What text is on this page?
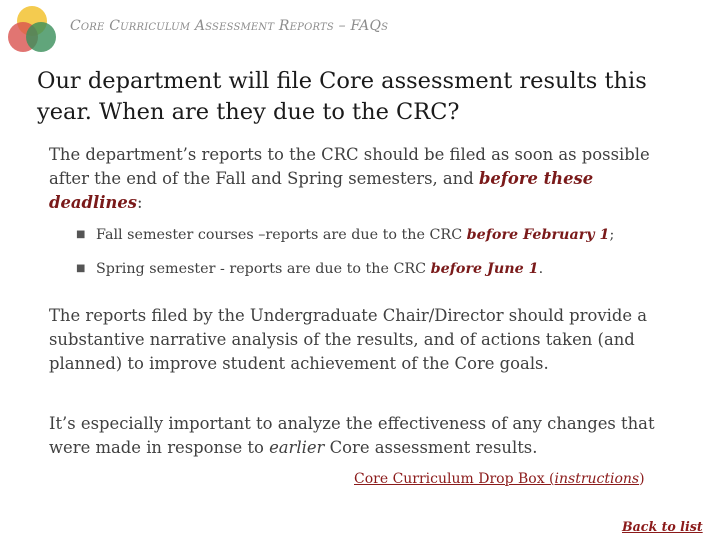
Core Curriculum Assessment Reports – FAQs
Our department will file Core assessment results this year. When are they due to the CRC?
The department’s reports to the CRC should be filed as soon as possible after the end of the Fall and Spring semesters, and before these deadlines:
■ Fall semester courses –reports are due to the CRC before February 1;
■ Spring semester - reports are due to the CRC before June 1.
The reports filed by the Undergraduate Chair/Director should provide a substantive narrative analysis of the results, and of actions taken (and planned) to improve student achievement of the Core goals.
It’s especially important to analyze the effectiveness of any changes that were made in response to earlier Core assessment results.
Core Curriculum Drop Box (instructions)
Back to list
